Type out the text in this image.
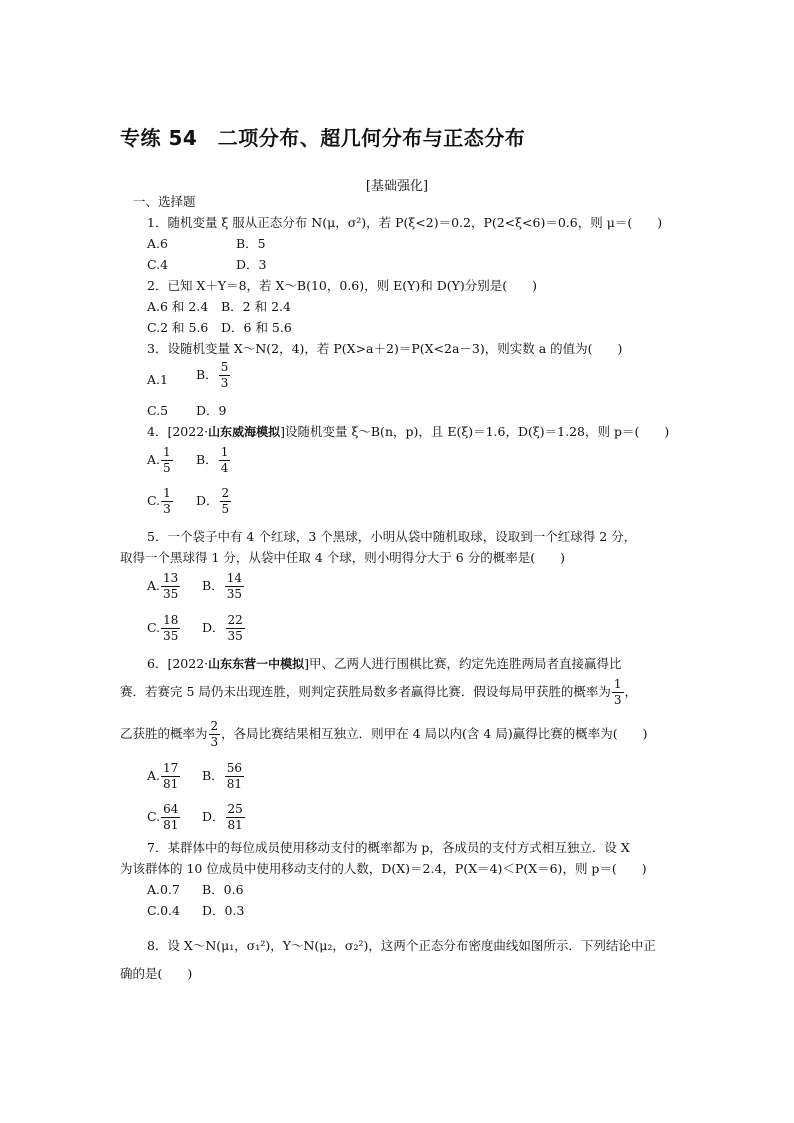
专练 54　二项分布、超几何分布与正态分布
[基础强化]
一、选择题
1．随机变量 ξ 服从正态分布 N(μ，σ²)，若 P(ξ<2)＝0.2，P(2<ξ<6)＝0.6，则 μ＝(　　)
A.6	B．5
C.4	D．3
2．已知 X＋Y＝8，若 X～B(10，0.6)，则 E(Y)和 D(Y)分别是(　　)
A.6 和 2.4 B．2 和 2.4
C.2 和 5.6 D．6 和 5.6
3．设随机变量 X～N(2，4)，若 P(X>a＋2)＝P(X<2a－3)，则实数 a 的值为(　　)
A.1 B． $\frac{5}{3}$
C.5 D．9
4．[2022·山东威海模拟]设随机变量 ξ～B(n，p)，且 E(ξ)＝1.6，D(ξ)＝1.28，则 p＝(　　)
A. $\frac{1}{5}$ B． $\frac{1}{4}$
C. $\frac{1}{3}$ D． $\frac{2}{5}$
5．一个袋子中有 4 个红球，3 个黑球，小明从袋中随机取球，设取到一个红球得 2 分，
取得一个黑球得 1 分，从袋中任取 4 个球，则小明得分大于 6 分的概率是(　　)
A. $\frac{13}{35}$ B． $\frac{14}{35}$
C. $\frac{18}{35}$ D． $\frac{22}{35}$
6．[2022·山东东营一中模拟]甲、乙两人进行围棋比赛，约定先连胜两局者直接赢得比
赛．若赛完 5 局仍未出现连胜，则判定获胜局数多者赢得比赛．假设每局甲获胜的概率为 $\frac{1}{3}$ ，
乙获胜的概率为 $\frac{2}{3}$ ，各局比赛结果相互独立．则甲在 4 局以内(含 4 局)赢得比赛的概率为(　　)
A. $\frac{17}{81}$ B． $\frac{56}{81}$
C. $\frac{64}{81}$ D． $\frac{25}{81}$
7．某群体中的每位成员使用移动支付的概率都为 p，各成员的支付方式相互独立．设 X
为该群体的 10 位成员中使用移动支付的人数，D(X)＝2.4，P(X＝4)＜P(X＝6)，则 p＝(　　)
A.0.7 B．0.6
C.0.4 D．0.3
8．设 X～N(μ₁，σ₁²)，Y～N(μ₂，σ₂²)，这两个正态分布密度曲线如图所示．下列结论中正
确的是(　　)
